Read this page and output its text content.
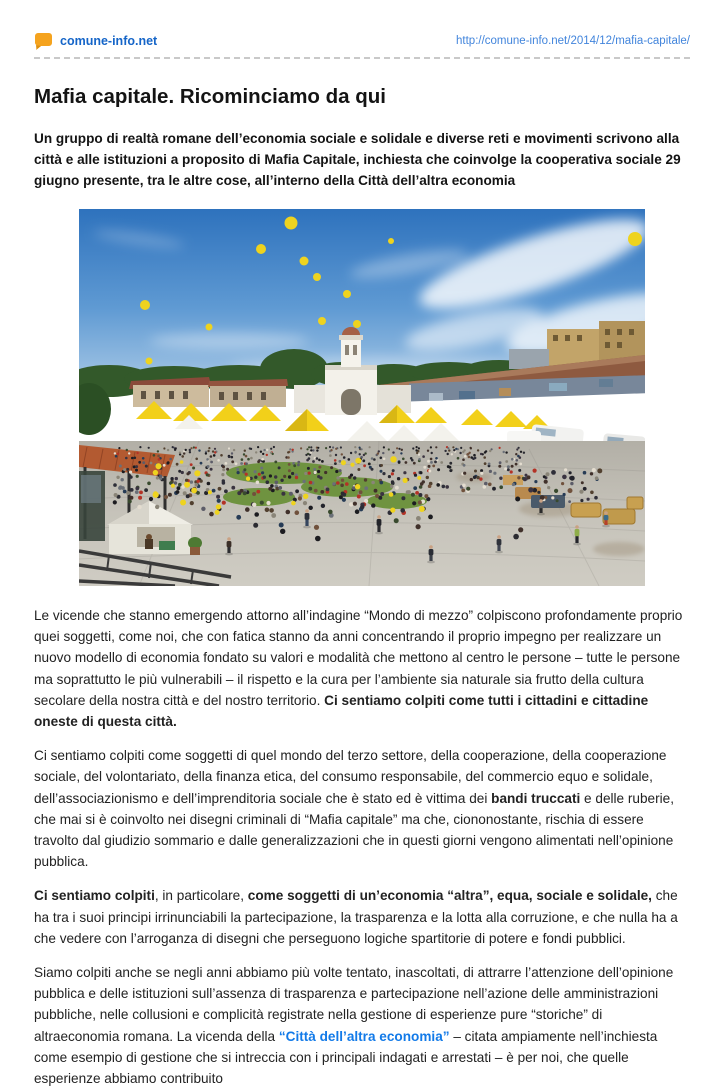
comune-info.net	http://comune-info.net/2014/12/mafia-capitale/
Mafia capitale. Ricominciamo da qui

Un gruppo di realtà romane dell’economia sociale e solidale e diverse reti e movimenti scrivono alla città e alle istituzioni a proposito di Mafia Capitale, inchiesta che coinvolge la cooperativa sociale 29 giugno presente, tra le altre cose, all’interno della Città dell’altra economia

Le vicende che stanno emergendo attorno all’indagine “Mondo di mezzo” colpiscono profondamente proprio quei soggetti, come noi, che con fatica stanno da anni concentrando il proprio impegno per realizzare un nuovo modello di economia fondato su valori e modalità che mettono al centro le persone – tutte le persone ma soprattutto le più vulnerabili – il rispetto e la cura per l’ambiente sia naturale sia frutto della cultura secolare della nostra città e del nostro territorio. Ci sentiamo colpiti come tutti i cittadini e cittadine oneste di questa città.

Ci sentiamo colpiti come soggetti di quel mondo del terzo settore, della cooperazione, della cooperazione sociale, del volontariato, della finanza etica, del consumo responsabile, del commercio equo e solidale, dell’associazionismo e dell’imprenditoria sociale che è stato ed è vittima dei bandi truccati e delle ruberie, che mai si è coinvolto nei disegni criminali di “Mafia capitale” ma che, ciononostante, rischia di essere travolto dal giudizio sommario e dalle generalizzazioni che in questi giorni vengono alimentati nell’opinione pubblica.

Ci sentiamo colpiti, in particolare, come soggetti di un’economia “altra”, equa, sociale e solidale, che ha tra i suoi principi irrinunciabili la partecipazione, la trasparenza e la lotta alla corruzione, e che nulla ha a che vedere con l’arroganza di disegni che perseguono logiche spartitorie di potere e fondi pubblici.

Siamo colpiti anche se negli anni abbiamo più volte tentato, inascoltati, di attrarre l’attenzione dell’opinione pubblica e delle istituzioni sull’assenza di trasparenza e partecipazione nell’azione delle amministrazioni pubbliche, nelle collusioni e complicità registrate nella gestione di esperienze pure “storiche” di altraeconomia romana. La vicenda della “Città dell’altra economia” – citata ampiamente nell’inchiesta come esempio di gestione che si intreccia con i principali indagati e arrestati – è per noi, che quelle esperienze abbiamo contribuito
